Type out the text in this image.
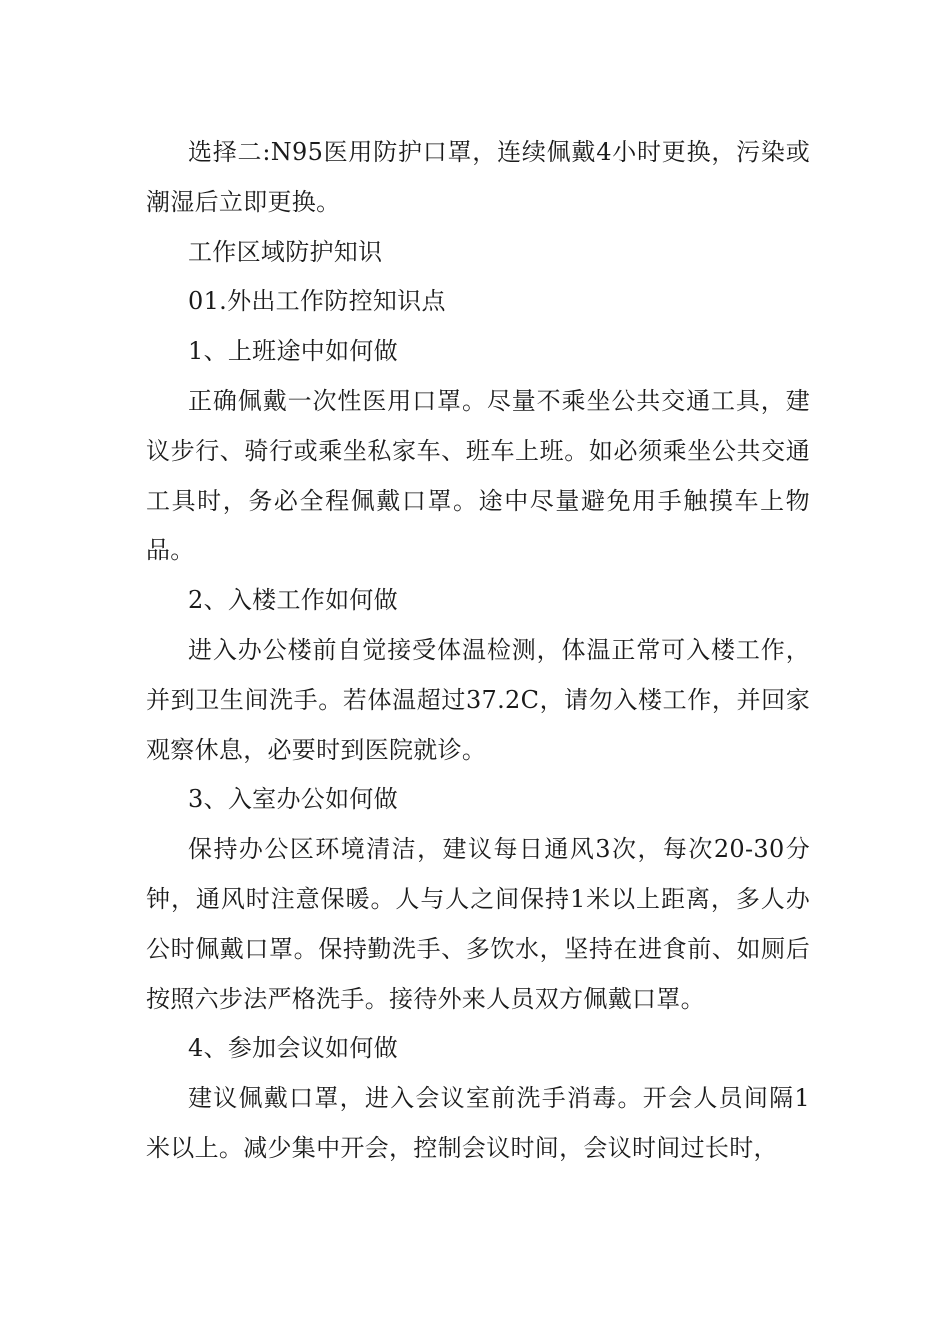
选择二:N95医用防护口罩，连续佩戴4小时更换，污染或潮湿后立即更换。

工作区域防护知识

01.外出工作防控知识点

1、上班途中如何做

正确佩戴一次性医用口罩。尽量不乘坐公共交通工具，建议步行、骑行或乘坐私家车、班车上班。如必须乘坐公共交通工具时，务必全程佩戴口罩。途中尽量避免用手触摸车上物品。

2、入楼工作如何做

进入办公楼前自觉接受体温检测，体温正常可入楼工作，并到卫生间洗手。若体温超过37.2C，请勿入楼工作，并回家观察休息，必要时到医院就诊。

3、入室办公如何做

保持办公区环境清洁，建议每日通风3次，每次20-30分钟，通风时注意保暖。人与人之间保持1米以上距离，多人办公时佩戴口罩。保持勤洗手、多饮水，坚持在进食前、如厕后按照六步法严格洗手。接待外来人员双方佩戴口罩。

4、参加会议如何做

建议佩戴口罩，进入会议室前洗手消毒。开会人员间隔1米以上。减少集中开会，控制会议时间，会议时间过长时，
